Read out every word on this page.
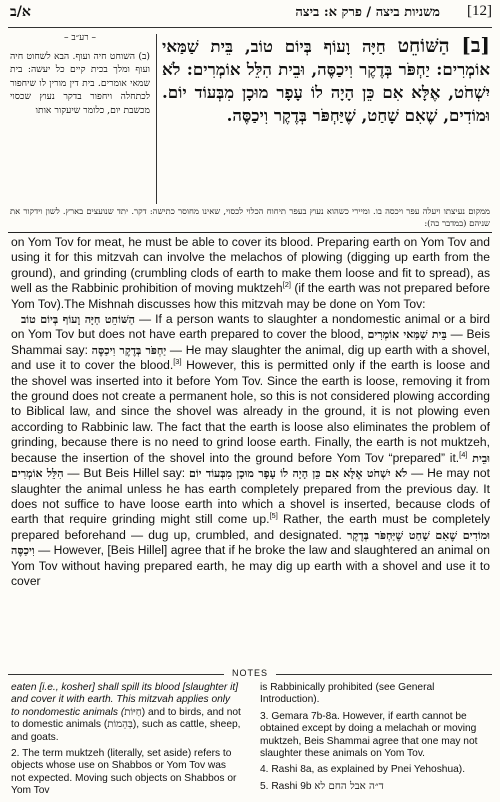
[12]
משניות ביצה / פרק א: ביצה
א/ב
– רע״ב –

(ב) השוחט חיה ועוף. הבא לשחוט חיה ועוף ומלך בכית קיים כל יעשה: בית שמאי אומרים. בית דין מורין לו שיחפור לכתחלה ויחפור בדקר נעוץ שכסוי מכשבת יום, כלומר שיעקור אותו

[ב] הַשּׁוֹחֵט חַיָּה וָעוֹף בְּיוֹם טוֹב, בֵּית שַׁמַּאי אוֹמְרִים: יַחְפֹּר בְּדֶקֶר וִיכַסֶּה, וּבֵית הִלֵּל אוֹמְרִים: לֹא יִשְׁחֹט, אֶלָּא אִם כֵּן הָיָה לוֹ עָפָר מוּכָן מִבְּעוֹד יוֹם. וּמוֹדִים, שֶׁאִם שָׁחַט, שֶׁיַּחְפֹּר בְּדֶקֶר וִיכַסֶּה.
ממקום נעיצתו ויעלה עפר ויכסה בו. ומיירי כשהוא נעוץ בעפר תיחוח הכלוי לכסוי, שאינו מחוסר כתישה: דקר. יתד שנועצים בארץ. לשון וידקור את שניהם (במדבר כה):

on Yom Tov for meat, he must be able to cover its blood. Preparing earth on Yom Tov and using it for this mitzvah can involve the melachos of plowing (digging up earth from the ground), and grinding (crumbling clods of earth to make them loose and fit to spread), as well as the Rabbinic prohibition of moving muktzeh[2] (if the earth was not prepared before Yom Tov).The Mishnah discusses how this mitzvah may be done on Yom Tov:

הַשּׁוֹחֵט חַיָּה וָעוֹף בְּיוֹם טוֹב — If a person wants to slaughter a nondomestic animal or a bird on Yom Tov but does not have earth prepared to cover the blood, בֵּית שַׁמַּאי אוֹמְרִים — Beis Shammai say: יַחְפֹּר בְּדֶקֶר וִיכַסֶּה — He may slaughter the animal, dig up earth with a shovel, and use it to cover the blood.[3] However, this is permitted only if the earth is loose and the shovel was inserted into it before Yom Tov. Since the earth is loose, removing it from the ground does not create a permanent hole, so this is not considered plowing according to Biblical law, and since the shovel was already in the ground, it is not plowing even according to Rabbinic law. The fact that the earth is loose also eliminates the problem of grinding, because there is no need to grind loose earth. Finally, the earth is not muktzeh, because the insertion of the shovel into the ground before Yom Tov “prepared” it.[4] וּבֵית הִלֵּל אוֹמְרִים — But Beis Hillel say: לֹא יִשְׁחֹט אֶלָּא אִם כֵּן הָיָה לוֹ עָפָר מוּכָן מִבְּעוֹד יוֹם — He may not slaughter the animal unless he has earth completely prepared from the previous day. It does not suffice to have loose earth into which a shovel is inserted, because clods of earth that require grinding might still come up.[5] Rather, the earth must be completely prepared beforehand — dug up, crumbled, and designated. וּמוֹדִים שֶׁאִם שָׁחַט שֶׁיַּחְפֹּר בְּדֶקֶר וִיכַסֶּה — However, [Beis Hillel] agree that if he broke the law and slaughtered an animal on Yom Tov without having prepared earth, he may dig up earth with a shovel and use it to cover

NOTES

eaten [i.e., kosher] shall spill its blood [slaughter it] and cover it with earth. This mitzvah applies only to nondomestic animals (חַיּוֹת) and to birds, and not to domestic animals (בְּהֵמוֹת), such as cattle, sheep, and goats.

2. The term muktzeh (literally, set aside) refers to objects whose use on Shabbos or Yom Tov was not expected. Moving such objects on Shabbos or Yom Tov

is Rabbinically prohibited (see General Introduction).

3. Gemara 7b-8a. However, if earth cannot be obtained except by doing a melachah or moving muktzeh, Beis Shammai agree that one may not slaughter these animals on Yom Tov.

4. Rashi 8a, as explained by Pnei Yehoshua).

5. Rashi 9b ד״ה אבל החם לא
